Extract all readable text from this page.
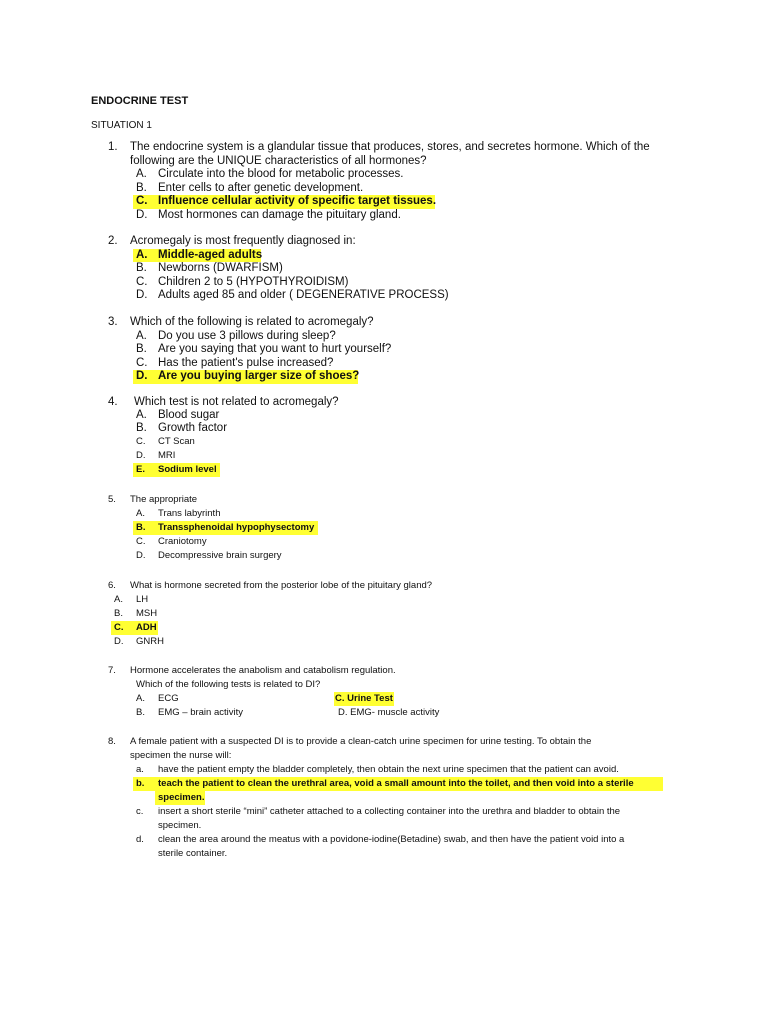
ENDOCRINE TEST
SITUATION 1
1. The endocrine system is a glandular tissue that produces, stores, and secretes hormone. Which of the
following are the UNIQUE characteristics of all hormones?
A. Circulate into the blood for metabolic processes.
B. Enter cells to after genetic development.
C. Influence cellular activity of specific target tissues.
D. Most hormones can damage the pituitary gland.
2. Acromegaly is most frequently diagnosed in:
A. Middle-aged adults
B. Newborns (DWARFISM)
C. Children 2 to 5 (HYPOTHYROIDISM)
D. Adults aged 85 and older ( DEGENERATIVE PROCESS)
3. Which of the following is related to acromegaly?
A. Do you use 3 pillows during sleep?
B. Are you saying that you want to hurt yourself?
C. Has the patient's pulse increased?
D. Are you buying larger size of shoes?
4. Which test is not related to acromegaly?
A. Blood sugar
B. Growth factor
C. CT Scan
D. MRI
E. Sodium level
5. The appropriate
A. Trans labyrinth
B. Transsphenoidal hypophysectomy
C. Craniotomy
D. Decompressive brain surgery
6. What is hormone secreted from the posterior lobe of the pituitary gland?
A. LH
B. MSH
C. ADH
D. GNRH
7. Hormone accelerates the anabolism and catabolism regulation.
Which of the following tests is related to DI?
A. ECG	C. Urine Test
B. EMG – brain activity	D. EMG- muscle activity
8. A female patient with a suspected DI is to provide a clean-catch urine specimen for urine testing. To obtain the
specimen the nurse will:
a. have the patient empty the bladder completely, then obtain the next urine specimen that the patient can avoid.
b. teach the patient to clean the urethral area, void a small amount into the toilet, and then void into a sterile
specimen.
c. insert a short sterile “mini” catheter attached to a collecting container into the urethra and bladder to obtain the
specimen.
d. clean the area around the meatus with a povidone-iodine(Betadine) swab, and then have the patient void into a
sterile container.
